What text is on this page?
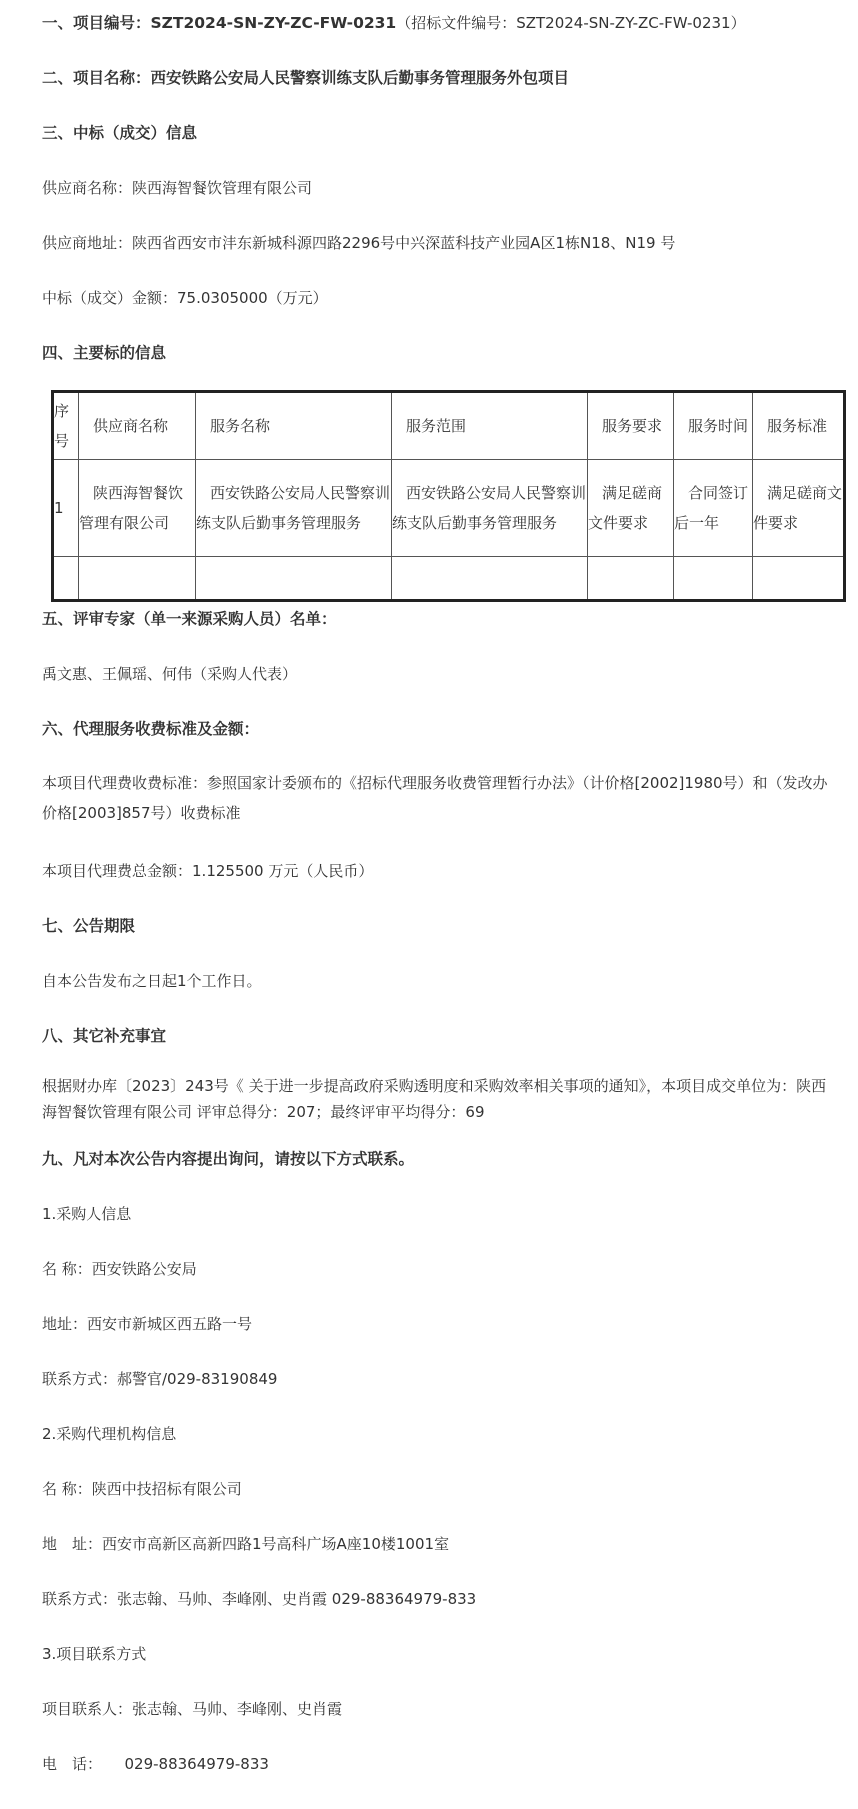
一、项目编号：SZT2024-SN-ZY-ZC-FW-0231（招标文件编号：SZT2024-SN-ZY-ZC-FW-0231）
二、项目名称：西安铁路公安局人民警察训练支队后勤事务管理服务外包项目
三、中标（成交）信息
供应商名称：陕西海智餐饮管理有限公司
供应商地址：陕西省西安市沣东新城科源四路2296号中兴深蓝科技产业园A区1栋N18、N19 号
中标（成交）金额：75.0305000（万元）
四、主要标的信息
序号	供应商名称	服务名称	服务范围	服务要求	服务时间	服务标准
1	陕西海智餐饮管理有限公司	西安铁路公安局人民警察训练支队后勤事务管理服务	西安铁路公安局人民警察训练支队后勤事务管理服务	满足磋商文件要求	合同签订后一年	满足磋商文件要求

五、评审专家（单一来源采购人员）名单：
禹文惠、王佩瑶、何伟（采购人代表）
六、代理服务收费标准及金额：
本项目代理费收费标准：参照国家计委颁布的《招标代理服务收费管理暂行办法》（计价格[2002]1980号）和（发改办价格[2003]857号）收费标准
本项目代理费总金额：1.125500 万元（人民币）
七、公告期限
自本公告发布之日起1个工作日。
八、其它补充事宜
根据财办库〔2023〕243号《 关于进一步提高政府采购透明度和采购效率相关事项的通知》，本项目成交单位为：陕西海智餐饮管理有限公司 评审总得分：207；最终评审平均得分：69
九、凡对本次公告内容提出询问，请按以下方式联系。
1.采购人信息
名 称：西安铁路公安局
地址：西安市新城区西五路一号
联系方式：郝警官/029-83190849
2.采购代理机构信息
名 称：陕西中技招标有限公司
地　址：西安市高新区高新四路1号高科广场A座10楼1001室
联系方式：张志翰、马帅、李峰刚、史肖霞 029-88364979-833
3.项目联系方式
项目联系人：张志翰、马帅、李峰刚、史肖霞
电　话：　　029-88364979-833
